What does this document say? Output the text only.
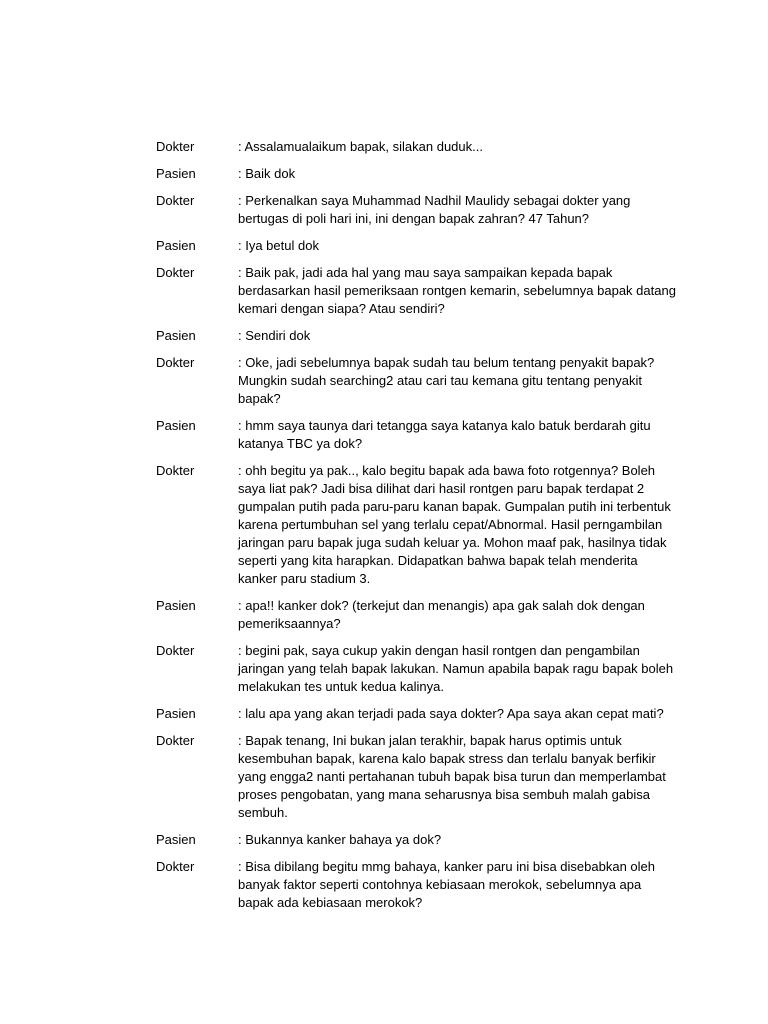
Dokter	: Assalamualaikum bapak, silakan duduk...
Pasien	: Baik dok
Dokter	: Perkenalkan saya Muhammad Nadhil Maulidy sebagai dokter yang bertugas di poli hari ini, ini dengan bapak zahran? 47 Tahun?
Pasien	: Iya betul dok
Dokter	: Baik pak, jadi ada hal yang mau saya sampaikan kepada bapak berdasarkan hasil pemeriksaan rontgen kemarin, sebelumnya bapak datang kemari dengan siapa? Atau sendiri?
Pasien	: Sendiri dok
Dokter	: Oke, jadi sebelumnya bapak sudah tau belum tentang penyakit bapak? Mungkin sudah searching2 atau cari tau kemana gitu tentang penyakit bapak?
Pasien	: hmm saya taunya dari tetangga saya katanya kalo batuk berdarah gitu katanya TBC ya dok?
Dokter	: ohh begitu ya pak.., kalo begitu bapak ada bawa foto rotgennya? Boleh saya liat pak? Jadi bisa dilihat dari hasil rontgen paru bapak terdapat 2 gumpalan putih pada paru-paru kanan bapak. Gumpalan putih ini terbentuk karena pertumbuhan sel yang terlalu cepat/Abnormal. Hasil perngambilan jaringan paru bapak juga sudah keluar ya. Mohon maaf pak, hasilnya tidak seperti yang kita harapkan. Didapatkan bahwa bapak telah menderita kanker paru stadium 3.
Pasien	: apa!! kanker dok? (terkejut dan menangis) apa gak salah dok dengan pemeriksaannya?
Dokter	: begini pak, saya cukup yakin dengan hasil rontgen dan pengambilan jaringan yang telah bapak lakukan. Namun apabila bapak ragu bapak boleh melakukan tes untuk kedua kalinya.
Pasien	: lalu apa yang akan terjadi pada saya dokter? Apa saya akan cepat mati?
Dokter	: Bapak tenang, Ini bukan jalan terakhir, bapak harus optimis untuk kesembuhan bapak, karena kalo bapak stress dan terlalu banyak berfikir yang engga2 nanti pertahanan tubuh bapak bisa turun dan memperlambat proses pengobatan, yang mana seharusnya bisa sembuh malah gabisa sembuh.
Pasien	: Bukannya kanker bahaya ya dok?
Dokter	: Bisa dibilang begitu mmg bahaya, kanker paru ini bisa disebabkan oleh banyak faktor seperti contohnya kebiasaan merokok, sebelumnya apa bapak ada kebiasaan merokok?
